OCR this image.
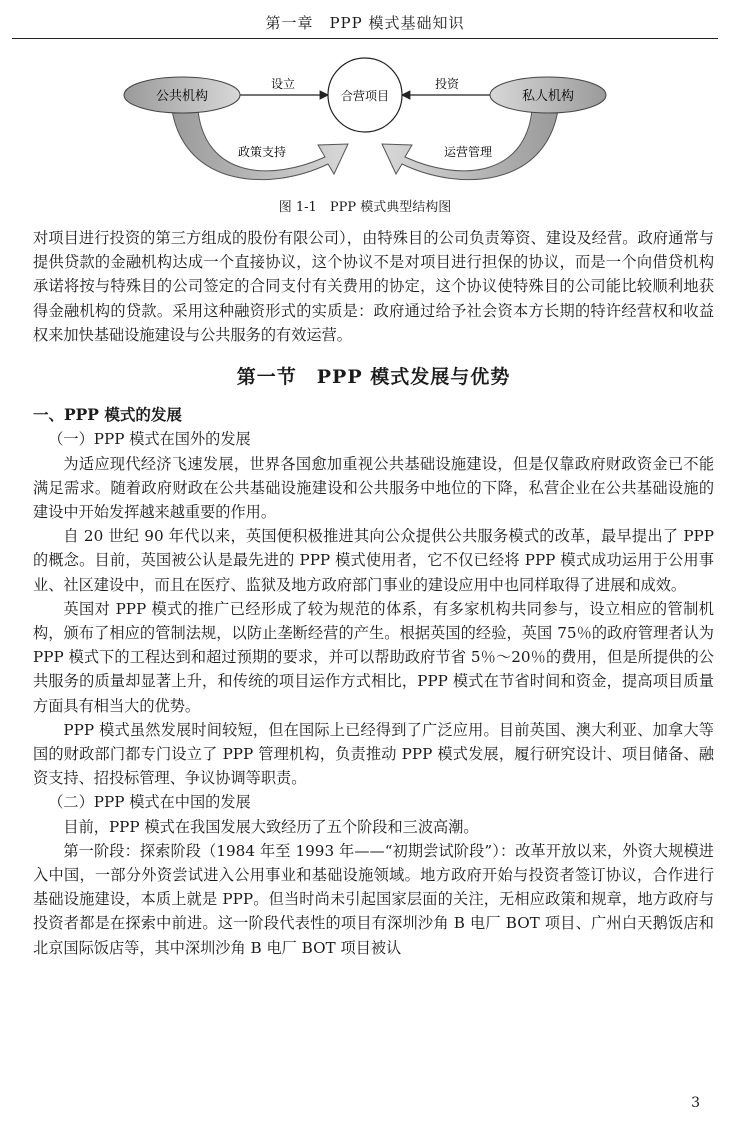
第一章　PPP 模式基础知识
公共机构	私人机构
合营项目
设立	投资
政策支持	运营管理
图 1-1　PPP 模式典型结构图

对项目进行投资的第三方组成的股份有限公司），由特殊目的公司负责筹资、建设及经营。政府通常与提供贷款的金融机构达成一个直接协议，这个协议不是对项目进行担保的协议，而是一个向借贷机构承诺将按与特殊目的公司签定的合同支付有关费用的协定，这个协议使特殊目的公司能比较顺利地获得金融机构的贷款。采用这种融资形式的实质是：政府通过给予社会资本方长期的特许经营权和收益权来加快基础设施建设与公共服务的有效运营。

第一节　PPP 模式发展与优势
一、PPP 模式的发展
（一）PPP 模式在国外的发展

为适应现代经济飞速发展，世界各国愈加重视公共基础设施建设，但是仅靠政府财政资金已不能满足需求。随着政府财政在公共基础设施建设和公共服务中地位的下降，私营企业在公共基础设施的建设中开始发挥越来越重要的作用。

自 20 世纪 90 年代以来，英国便积极推进其向公众提供公共服务模式的改革，最早提出了 PPP 的概念。目前，英国被公认是最先进的 PPP 模式使用者，它不仅已经将 PPP 模式成功运用于公用事业、社区建设中，而且在医疗、监狱及地方政府部门事业的建设应用中也同样取得了进展和成效。

英国对 PPP 模式的推广已经形成了较为规范的体系，有多家机构共同参与，设立相应的管制机构，颁布了相应的管制法规，以防止垄断经营的产生。根据英国的经验，英国 75％的政府管理者认为 PPP 模式下的工程达到和超过预期的要求，并可以帮助政府节省 5％～20％的费用，但是所提供的公共服务的质量却显著上升，和传统的项目运作方式相比，PPP 模式在节省时间和资金，提高项目质量方面具有相当大的优势。

PPP 模式虽然发展时间较短，但在国际上已经得到了广泛应用。目前英国、澳大利亚、加拿大等国的财政部门都专门设立了 PPP 管理机构，负责推动 PPP 模式发展，履行研究设计、项目储备、融资支持、招投标管理、争议协调等职责。

（二）PPP 模式在中国的发展

目前，PPP 模式在我国发展大致经历了五个阶段和三波高潮。

第一阶段：探索阶段（1984 年至 1993 年——“初期尝试阶段”）：改革开放以来，外资大规模进入中国，一部分外资尝试进入公用事业和基础设施领域。地方政府开始与投资者签订协议，合作进行基础设施建设，本质上就是 PPP。但当时尚未引起国家层面的关注，无相应政策和规章，地方政府与投资者都是在探索中前进。这一阶段代表性的项目有深圳沙角 B 电厂 BOT 项目、广州白天鹅饭店和北京国际饭店等，其中深圳沙角 B 电厂 BOT 项目被认

3
